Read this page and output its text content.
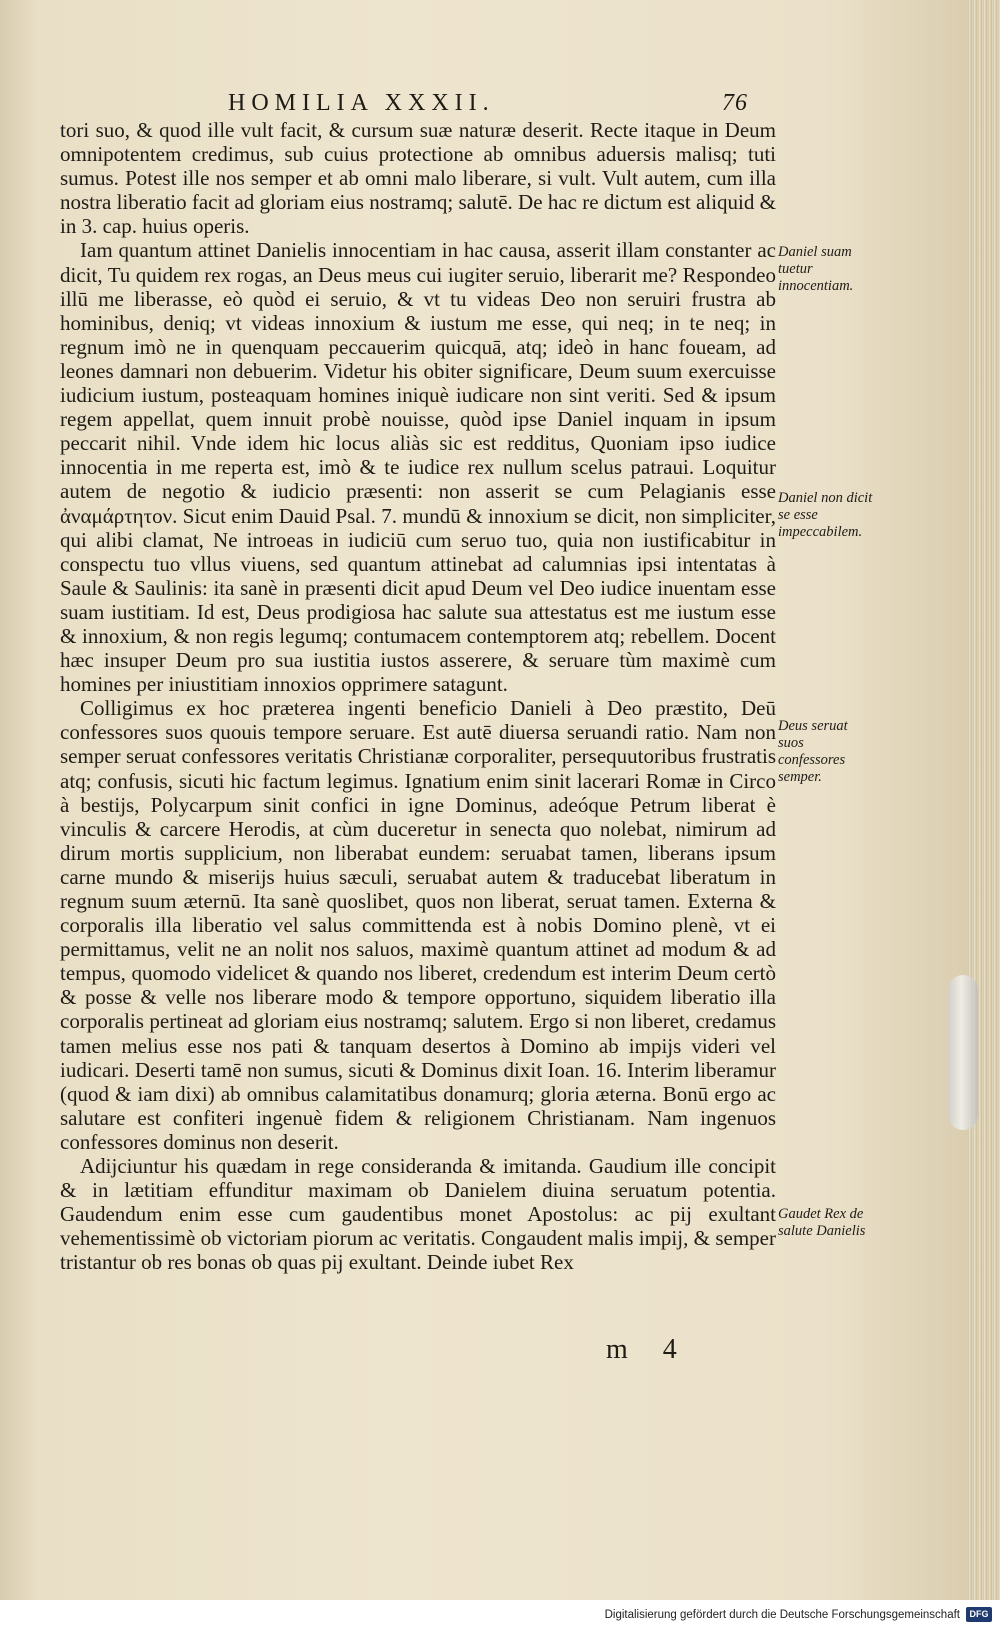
HOMILIA XXXII.	76

tori suo, & quod ille vult facit, & cursum suæ naturæ deserit. Recte itaque in Deum omnipotentem credimus, sub cuius protectione ab omnibus aduersis malisq; tuti sumus. Potest ille nos semper et ab omni malo liberare, si vult. Vult autem, cum illa nostra liberatio facit ad gloriam eius nostramq; salutē. De hac re dictum est aliquid & in 3. cap. huius operis.

Iam quantum attinet Danielis innocentiam in hac causa, asserit illam constanter ac dicit, Tu quidem rex rogas, an Deus meus cui iugiter seruio, liberarit me? Respondeo illū me liberasse, eò quòd ei seruio, & vt tu videas Deo non seruiri frustra ab hominibus, deniq; vt videas innoxium & iustum me esse, qui neq; in te neq; in regnum imò ne in quenquam peccauerim quicquā, atq; ideò in hanc foueam, ad leones damnari non debuerim. Videtur his obiter significare, Deum suum exercuisse iudicium iustum, posteaquam homines iniquè iudicare non sint veriti. Sed & ipsum regem appellat, quem innuit probè nouisse, quòd ipse Daniel inquam in ipsum peccarit nihil. Vnde idem hic locus aliàs sic est redditus, Quoniam ipso iudice innocentia in me reperta est, imò & te iudice rex nullum scelus patraui. Loquitur autem de negotio & iudicio præsenti: non asserit se cum Pelagianis esse ἀναμάρτητον. Sicut enim Dauid Psal. 7. mundū & innoxium se dicit, non simpliciter, qui alibi clamat, Ne introeas in iudiciū cum seruo tuo, quia non iustificabitur in conspectu tuo vllus viuens, sed quantum attinebat ad calumnias ipsi intentatas à Saule & Saulinis: ita sanè in præsenti dicit apud Deum vel Deo iudice inuentam esse suam iustitiam. Id est, Deus prodigiosa hac salute sua attestatus est me iustum esse & innoxium, & non regis legumq; contumacem contemptorem atq; rebellem. Docent hæc insuper Deum pro sua iustitia iustos asserere, & seruare tùm maximè cum homines per iniustitiam innoxios opprimere satagunt.

Colligimus ex hoc præterea ingenti beneficio Danieli à Deo præstito, Deū confessores suos quouis tempore seruare. Est autē diuersa seruandi ratio. Nam non semper seruat confessores veritatis Christianæ corporaliter, persequutoribus frustratis atq; confusis, sicuti hic factum legimus. Ignatium enim sinit lacerari Romæ in Circo à bestijs, Polycarpum sinit confici in igne Dominus, adeóque Petrum liberat è vinculis & carcere Herodis, at cùm duceretur in senecta quo nolebat, nimirum ad dirum mortis supplicium, non liberabat eundem: seruabat tamen, liberans ipsum carne mundo & miserijs huius sæculi, seruabat autem & traducebat liberatum in regnum suum æternū. Ita sanè quoslibet, quos non liberat, seruat tamen. Externa & corporalis illa liberatio vel salus committenda est à nobis Domino plenè, vt ei permittamus, velit ne an nolit nos saluos, maximè quantum attinet ad modum & ad tempus, quomodo videlicet & quando nos liberet, credendum est interim Deum certò & posse & velle nos liberare modo & tempore opportuno, siquidem liberatio illa corporalis pertineat ad gloriam eius nostramq; salutem. Ergo si non liberet, credamus tamen melius esse nos pati & tanquam desertos à Domino ab impijs videri vel iudicari. Deserti tamē non sumus, sicuti & Dominus dixit Ioan. 16. Interim liberamur (quod & iam dixi) ab omnibus calamitatibus donamurq; gloria æterna. Bonū ergo ac salutare est confiteri ingenuè fidem & religionem Christianam. Nam ingenuos confessores dominus non deserit.

Adijciuntur his quædam in rege consideranda & imitanda. Gaudium ille concipit & in lætitiam effunditur maximam ob Danielem diuina seruatum potentia. Gaudendum enim esse cum gaudentibus monet Apostolus: ac pij exultant vehementissimè ob victoriam piorum ac veritatis. Congaudent malis impij, & semper tristantur ob res bonas ob quas pij exultant. Deinde iubet Rex

Daniel suam tuetur innocentiam.
Daniel non dicit se esse impeccabilem.
Deus seruat suos confessores semper.
Gaudet Rex de salute Danielis
m 4
Digitalisierung gefördert durch die Deutsche Forschungsgemeinschaft	DFG
